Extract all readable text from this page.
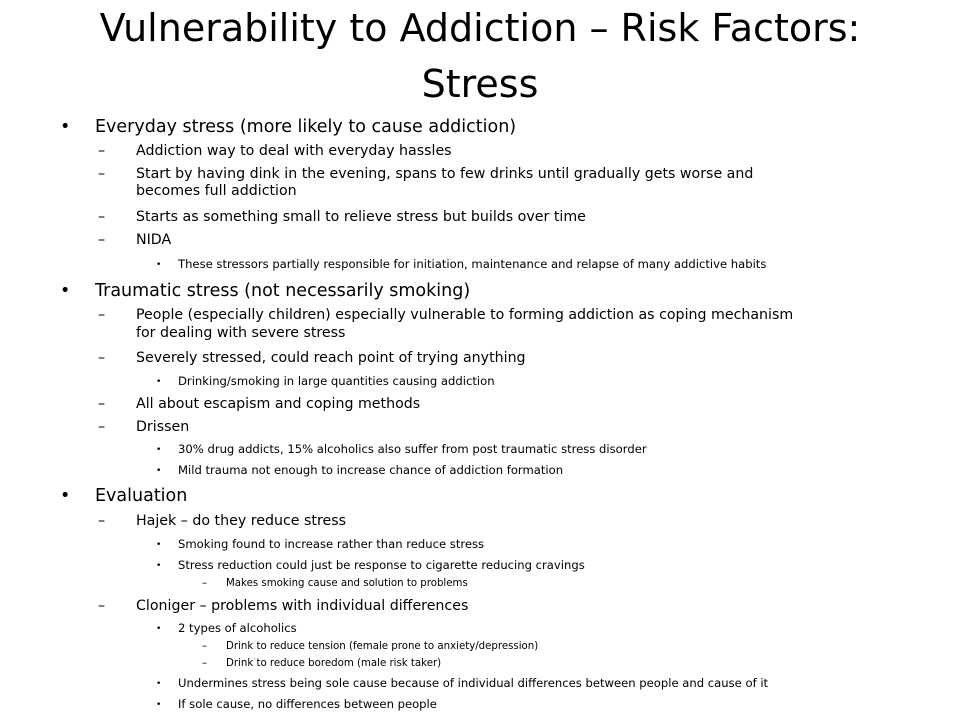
Vulnerability to Addiction – Risk Factors:
Stress
• Everyday stress (more likely to cause addiction)
– Addiction way to deal with everyday hassles
– Start by having dink in the evening, spans to few drinks until gradually gets worse and
becomes full addiction
– Starts as something small to relieve stress but builds over time
– NIDA
• These stressors partially responsible for initiation, maintenance and relapse of many addictive habits
• Traumatic stress (not necessarily smoking)
– People (especially children) especially vulnerable to forming addiction as coping mechanism
for dealing with severe stress
– Severely stressed, could reach point of trying anything
• Drinking/smoking in large quantities causing addiction
– All about escapism and coping methods
– Drissen
• 30% drug addicts, 15% alcoholics also suffer from post traumatic stress disorder
• Mild trauma not enough to increase chance of addiction formation
• Evaluation
– Hajek – do they reduce stress
• Smoking found to increase rather than reduce stress
• Stress reduction could just be response to cigarette reducing cravings
– Makes smoking cause and solution to problems
– Cloniger – problems with individual differences
• 2 types of alcoholics
– Drink to reduce tension (female prone to anxiety/depression)
– Drink to reduce boredom (male risk taker)
• Undermines stress being sole cause because of individual differences between people and cause of it
• If sole cause, no differences between people
